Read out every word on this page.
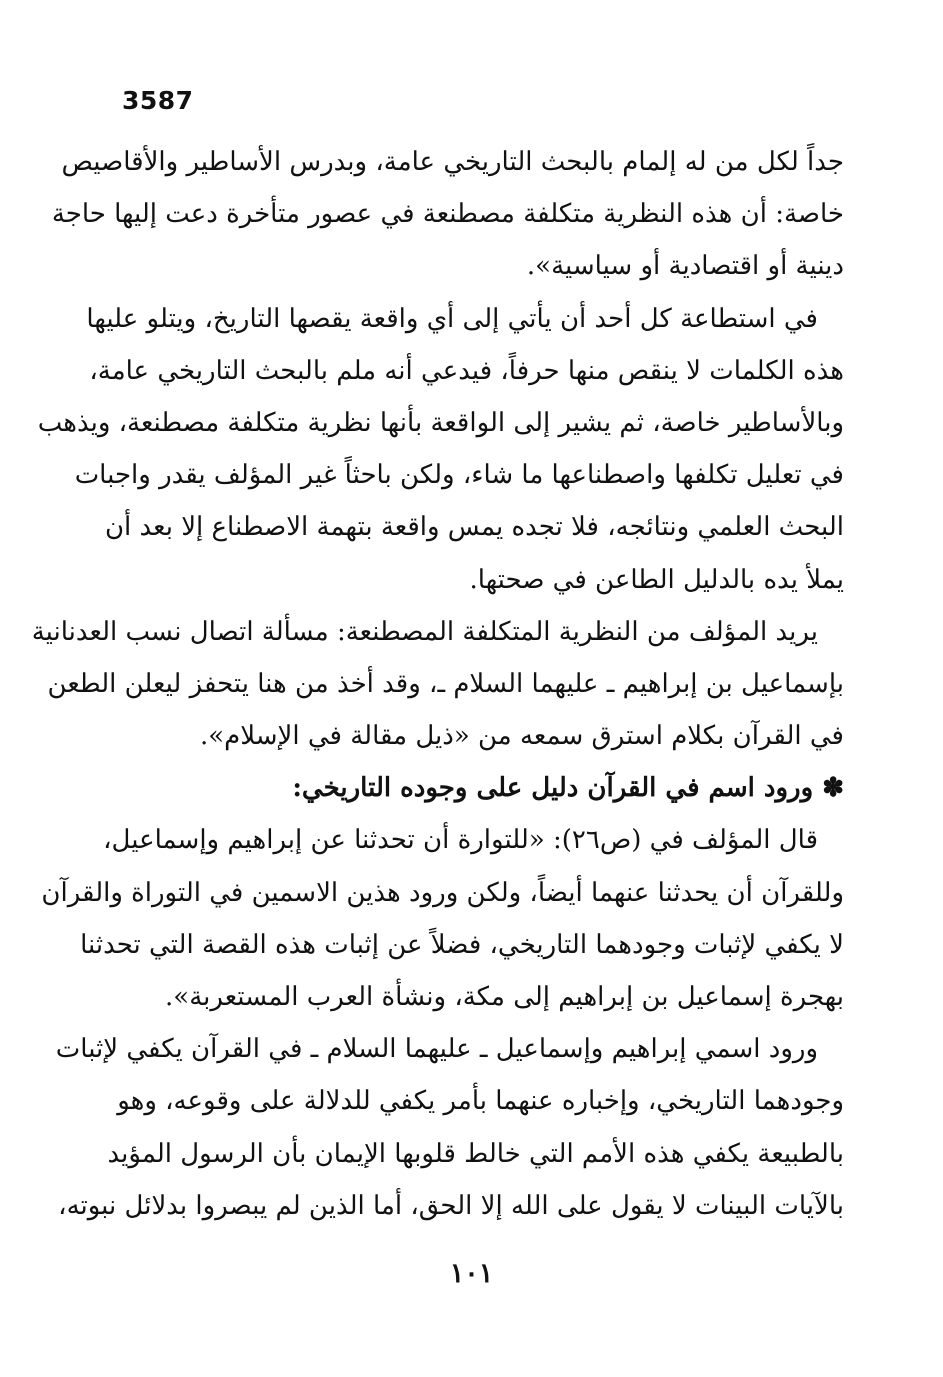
3587
جداً لكل من له إلمام بالبحث التاريخي عامة، وبدرس الأساطير والأقاصيص
خاصة: أن هذه النظرية متكلفة مصطنعة في عصور متأخرة دعت إليها حاجة
دينية أو اقتصادية أو سياسية».
في استطاعة كل أحد أن يأتي إلى أي واقعة يقصها التاريخ، ويتلو عليها
هذه الكلمات لا ينقص منها حرفاً، فيدعي أنه ملم بالبحث التاريخي عامة،
وبالأساطير خاصة، ثم يشير إلى الواقعة بأنها نظرية متكلفة مصطنعة، ويذهب
في تعليل تكلفها واصطناعها ما شاء، ولكن باحثاً غير المؤلف يقدر واجبات
البحث العلمي ونتائجه، فلا تجده يمس واقعة بتهمة الاصطناع إلا بعد أن
يملأ يده بالدليل الطاعن في صحتها.
يريد المؤلف من النظرية المتكلفة المصطنعة: مسألة اتصال نسب العدنانية
بإسماعيل بن إبراهيم ـ عليهما السلام ـ، وقد أخذ من هنا يتحفز ليعلن الطعن
في القرآن بكلام استرق سمعه من «ذيل مقالة في الإسلام».
✽ ورود اسم في القرآن دليل على وجوده التاريخي:
قال المؤلف في (ص٢٦): «للتوارة أن تحدثنا عن إبراهيم وإسماعيل،
وللقرآن أن يحدثنا عنهما أيضاً، ولكن ورود هذين الاسمين في التوراة والقرآن
لا يكفي لإثبات وجودهما التاريخي، فضلاً عن إثبات هذه القصة التي تحدثنا
بهجرة إسماعيل بن إبراهيم إلى مكة، ونشأة العرب المستعربة».
ورود اسمي إبراهيم وإسماعيل ـ عليهما السلام ـ في القرآن يكفي لإثبات
وجودهما التاريخي، وإخباره عنهما بأمر يكفي للدلالة على وقوعه، وهو
بالطبيعة يكفي هذه الأمم التي خالط قلوبها الإيمان بأن الرسول المؤيد
بالآيات البينات لا يقول على الله إلا الحق، أما الذين لم يبصروا بدلائل نبوته،
١٠١
